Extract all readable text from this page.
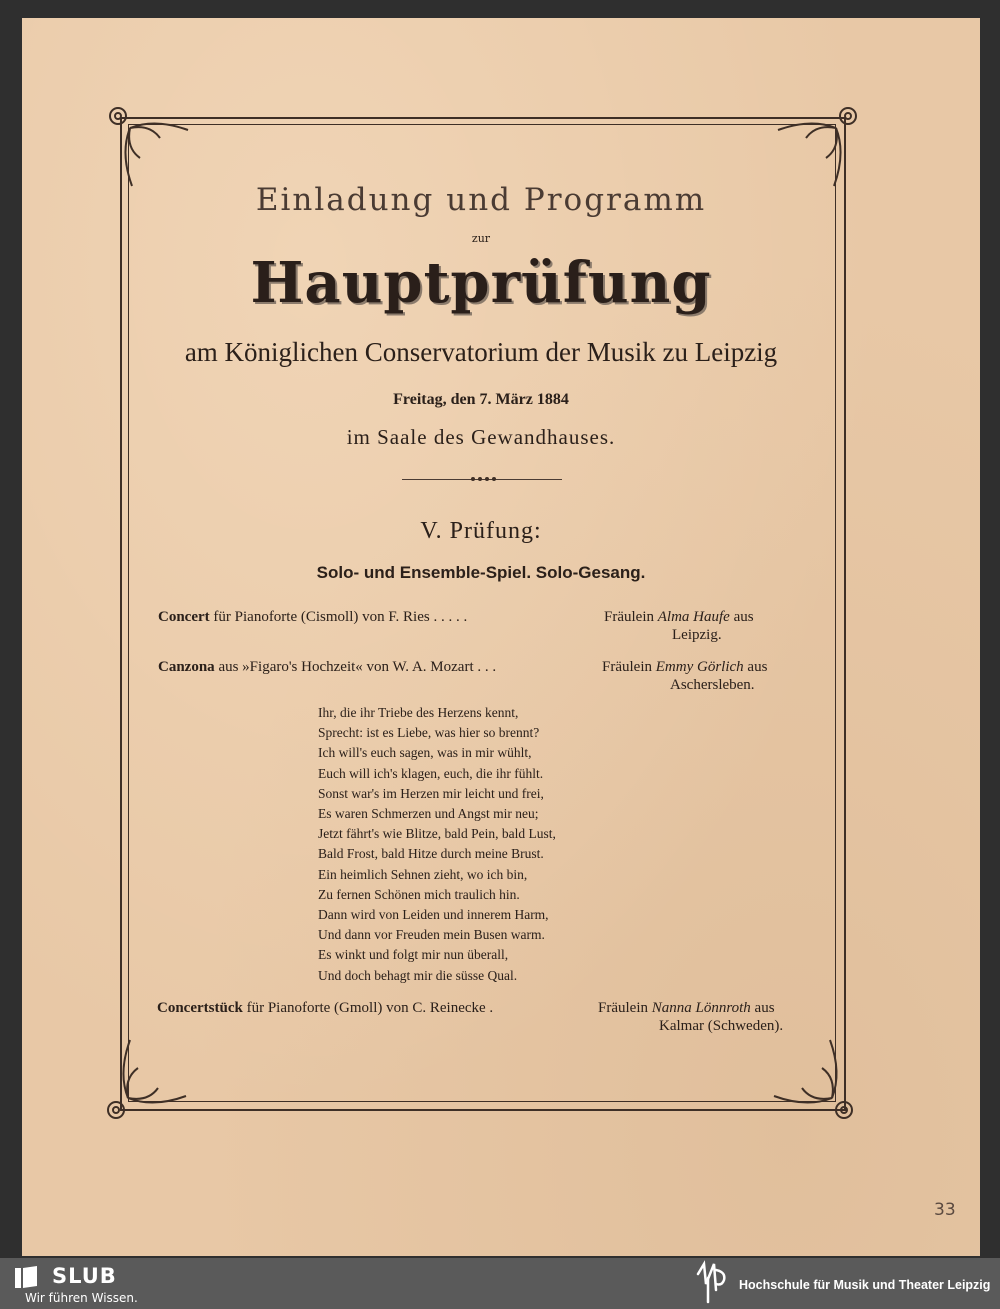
Einladung und Programm
zur
Hauptprüfung
am Königlichen Conservatorium der Musik zu Leipzig
Freitag, den 7. März 1884
im Saale des Gewandhauses.
V. Prüfung:
Solo- und Ensemble-Spiel. Solo-Gesang.
Concert für Pianoforte (Cismoll) von F. Ries . . . . .	Fräulein Alma Haufe aus
Leipzig.
Canzona aus »Figaro's Hochzeit« von W. A. Mozart . . .	Fräulein Emmy Görlich aus
Aschersleben.
Ihr, die ihr Triebe des Herzens kennt,
Sprecht: ist es Liebe, was hier so brennt?
Ich will's euch sagen, was in mir wühlt,
Euch will ich's klagen, euch, die ihr fühlt.
Sonst war's im Herzen mir leicht und frei,
Es waren Schmerzen und Angst mir neu;
Jetzt fährt's wie Blitze, bald Pein, bald Lust,
Bald Frost, bald Hitze durch meine Brust.
Ein heimlich Sehnen zieht, wo ich bin,
Zu fernen Schönen mich traulich hin.
Dann wird von Leiden und innerem Harm,
Und dann vor Freuden mein Busen warm.
Es winkt und folgt mir nun überall,
Und doch behagt mir die süsse Qual.
Concertstück für Pianoforte (Gmoll) von C. Reinecke .	Fräulein Nanna Lönnroth aus
Kalmar (Schweden).
33
SLUB
Wir führen Wissen.
Hochschule für Musik und Theater Leipzig
